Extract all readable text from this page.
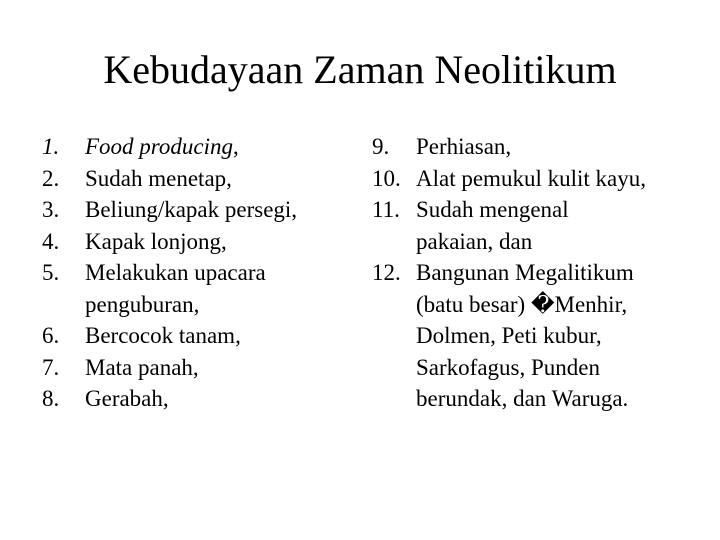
Kebudayaan Zaman Neolitikum
1.	Food producing,
2.	Sudah menetap,
3.	Beliung/kapak persegi,
4.	Kapak lonjong,
5.	Melakukan upacara
penguburan,
6.	Bercocok tanam,
7.	Mata panah,
8.	Gerabah,
9.	Perhiasan,
10. Alat pemukul kulit kayu,
11. Sudah mengenal
pakaian, dan
12. Bangunan Megalitikum
(batu besar) �Menhir,
Dolmen, Peti kubur,
Sarkofagus, Punden
berundak, dan Waruga.
